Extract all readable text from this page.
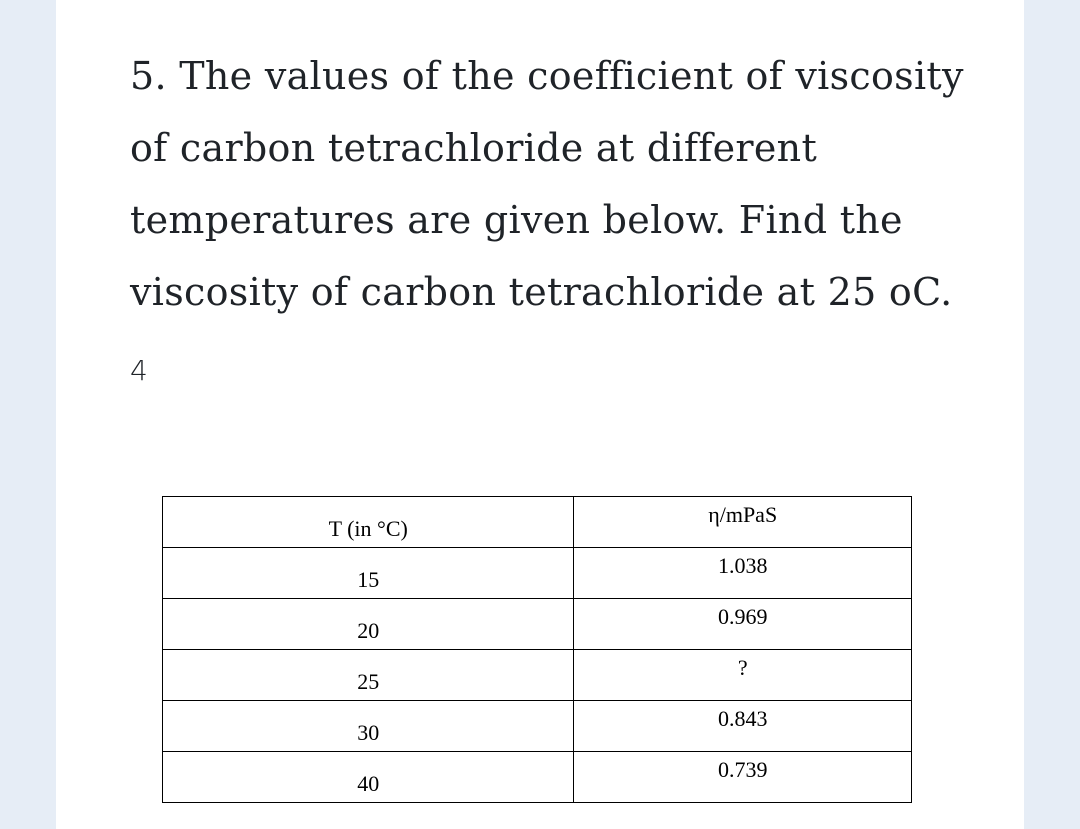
5. The values of the coefficient of viscosity
of carbon tetrachloride at different
temperatures are given below. Find the
viscosity of carbon tetrachloride at 25 oC.

4
T (in °C)	η/mPaS

15	1.038

20	0.969

25	?

30	0.843

40	0.739
